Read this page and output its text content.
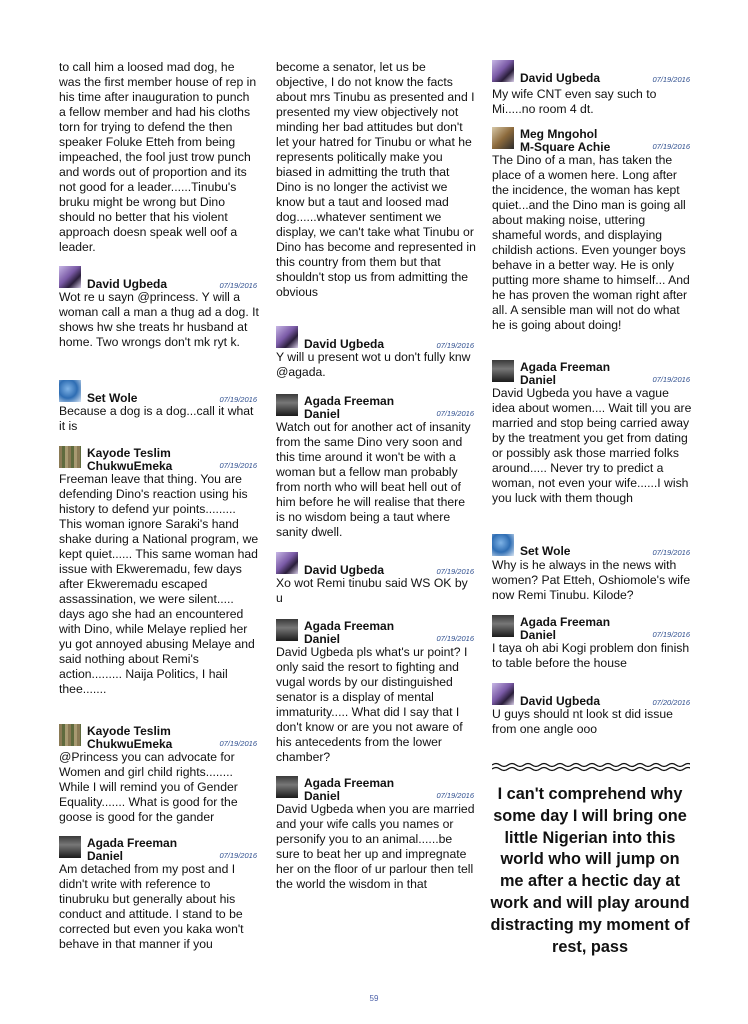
to call him a loosed mad dog, he was the first member house of rep in his time after inauguration to punch a fellow member and had his cloths torn for trying to defend the then speaker Foluke Etteh from being impeached, the fool just trow punch and words out of proportion and its not good for a leader......Tinubu's bruku might be wrong but Dino should no better that his violent approach doesn speak well oof a leader.

David Ugbeda	07/19/2016
Wot re u sayn @princess. Y will a woman call a man a thug ad a dog. It shows hw she treats hr husband at home. Two wrongs don't mk ryt k.
Set Wole	07/19/2016
Because a dog is a dog...call it what it is
Kayode Teslim
ChukwuEmeka	07/19/2016
Freeman leave that thing. You are defending Dino's reaction using his history to defend yur points......... This woman ignore Saraki's hand shake during a National program, we kept quiet...... This same woman had issue with Ekweremadu, few days after Ekweremadu escaped assassination, we were silent..... days ago she had an encountered with Dino, while Melaye replied her yu got annoyed abusing Melaye and said nothing about Remi's action......... Naija Politics, I hail thee.......
Kayode Teslim
ChukwuEmeka	07/19/2016
@Princess you can advocate for Women and girl child rights........ While I will remind you of Gender Equality....... What is good for the goose is good for the gander
Agada Freeman
Daniel	07/19/2016
Am detached from my post and I didn't write with reference to tinubruku but generally about his conduct and attitude. I stand to be corrected but even you kaka won't behave in that manner if you

become a senator, let us be objective, I do not know the facts about mrs Tinubu as presented and I presented my view objectively not minding her bad attitudes but don't let your hatred for Tinubu or what he represents politically make you biased in admitting the truth that Dino is no longer the activist we know but a taut and loosed mad dog......whatever sentiment we display, we can't take what Tinubu or Dino has become and represented in this country from them but that shouldn't stop us from admitting the obvious

David Ugbeda	07/19/2016
Y will u present wot u don't fully knw @agada.
Agada Freeman
Daniel	07/19/2016
Watch out for another act of insanity from the same Dino very soon and this time around it won't be with a woman but a fellow man probably from north who will beat hell out of him before he will realise that there is no wisdom being a taut where sanity dwell.
David Ugbeda	07/19/2016
Xo wot Remi tinubu said WS OK by u
Agada Freeman
Daniel	07/19/2016
David Ugbeda pls what's ur point? I only said the resort to fighting and vugal words by our distinguished senator is a display of mental immaturity..... What did I say that I don't know or are you not aware of his antecedents from the lower chamber?
Agada Freeman
Daniel	07/19/2016
David Ugbeda when you are married and your wife calls you names or personify you to an animal......be sure to beat her up and impregnate her on the floor of ur parlour then tell the world the wisdom in that
David Ugbeda	07/19/2016
My wife CNT even say such to Mi.....no room 4 dt.
Meg Mngohol
M-Square Achie	07/19/2016
The Dino of a man, has taken the place of a women here. Long after the incidence, the woman has kept quiet...and the Dino man is going all about making noise, uttering shameful words, and displaying childish actions. Even younger boys behave in a better way. He is only putting more shame to himself... And he has proven the woman right after all. A sensible man will not do what he is going about doing!
Agada Freeman
Daniel	07/19/2016
David Ugbeda you have a vague idea about women.... Wait till you are married and stop being carried away by the treatment you get from dating or possibly ask those married folks around..... Never try to predict a woman, not even your wife......I wish you luck with them though
Set Wole	07/19/2016
Why is he always in the news with women? Pat Etteh, Oshiomole's wife now Remi Tinubu. Kilode?
Agada Freeman
Daniel	07/19/2016
I taya oh abi Kogi problem don finish to table before the house
David Ugbeda	07/20/2016
U guys should nt look st did issue from one angle ooo
I can't comprehend why some day I will bring one little Nigerian into this world who will jump on me after a hectic day at work and will play around distracting my moment of rest, pass
59
